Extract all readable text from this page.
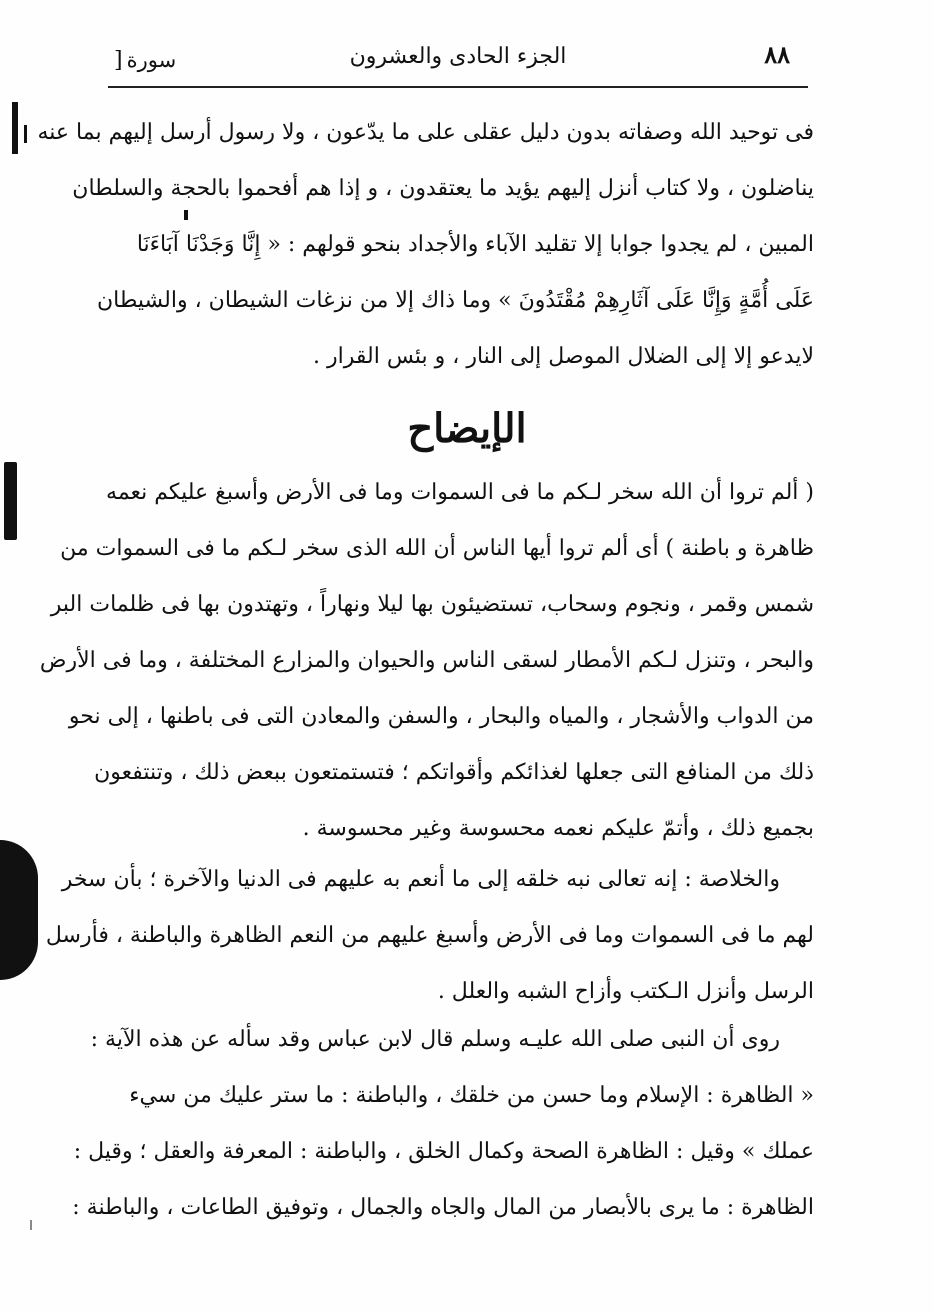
٨٨
الجزء الحادى والعشرون
سورة[
فى توحيد الله وصفاته بدون دليل عقلى على ما يدّعون ، ولا رسول أرسل إليهم بما عنه
يناضلون ، ولا كتاب أنزل إليهم يؤيد ما يعتقدون ، و إذا هم أفحموا بالحجة والسلطان
المبين ، لم يجدوا جوابا إلا تقليد الآباء والأجداد بنحو قولهم : « إِنَّا وَجَدْنَا آبَاءَنَا
عَلَى أُمَّةٍ وَإِنَّا عَلَى آثَارِهِمْ مُقْتَدُونَ » وما ذاك إلا من نزغات الشيطان ، والشيطان
لايدعو إلا إلى الضلال الموصل إلى النار ، و بئس القرار .
الإيضاح
( ألم تروا أن الله سخر لـكم ما فى السموات وما فى الأرض وأسبغ عليكم نعمه
ظاهرة و باطنة ) أى ألم تروا أيها الناس أن الله الذى سخر لـكم ما فى السموات من
شمس وقمر ، ونجوم وسحاب، تستضيئون بها ليلا ونهاراً ، وتهتدون بها فى ظلمات البر
والبحر ، وتنزل لـكم الأمطار لسقى الناس والحيوان والمزارع المختلفة ، وما فى الأرض
من الدواب والأشجار ، والمياه والبحار ، والسفن والمعادن التى فى باطنها ، إلى نحو
ذلك من المنافع التى جعلها لغذائكم وأقواتكم ؛ فتستمتعون ببعض ذلك ، وتنتفعون
بجميع ذلك ، وأتمّ عليكم نعمه محسوسة وغير محسوسة .
والخلاصة : إنه تعالى نبه خلقه إلى ما أنعم به عليهم فى الدنيا والآخرة ؛ بأن سخر
لهم ما فى السموات وما فى الأرض وأسبغ عليهم من النعم الظاهرة والباطنة ، فأرسل
الرسل وأنزل الـكتب وأزاح الشبه والعلل .
روى أن النبى صلى الله عليـه وسلم قال لابن عباس وقد سأله عن هذه الآية :
« الظاهرة : الإسلام وما حسن من خلقك ، والباطنة : ما ستر عليك من سيء
عملك » وقيل : الظاهرة الصحة وكمال الخلق ، والباطنة : المعرفة والعقل ؛ وقيل :
الظاهرة : ما يرى بالأبصار من المال والجاه والجمال ، وتوفيق الطاعات ، والباطنة :
